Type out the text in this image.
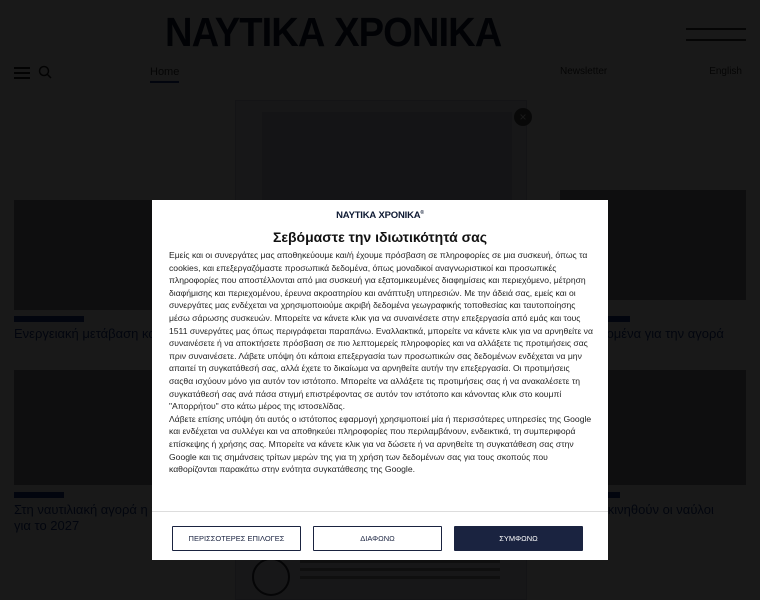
ΝΑΥΤΙΚΑ ΧΡΟΝΙΚΑ®
Σεβόμαστε την ιδιωτικότητά σας

Εμείς και οι συνεργάτες μας αποθηκεύουμε και/ή έχουμε πρόσβαση σε πληροφορίες σε μια συσκευή, όπως τα cookies, και επεξεργαζόμαστε προσωπικά δεδομένα, όπως μοναδικοί αναγνωριστικοί και προσωπικές πληροφορίες που αποστέλλονται από μια συσκευή για εξατομικευμένες διαφημίσεις και περιεχόμενο, μέτρηση διαφήμισης και περιεχομένου, έρευνα ακροατηρίου και ανάπτυξη υπηρεσιών. Με την άδειά σας, εμείς και οι συνεργάτες μας ενδέχεται να χρησιμοποιούμε ακριβή δεδομένα γεωγραφικής τοποθεσίας και ταυτοποίησης μέσω σάρωσης συσκευών. Μπορείτε να κάνετε κλικ για να συναινέσετε στην επεξεργασία από εμάς και τους 1511 συνεργάτες μας όπως περιγράφεται παραπάνω. Εναλλακτικά, μπορείτε να κάνετε κλικ για να αρνηθείτε να συναινέσετε ή να αποκτήσετε πρόσβαση σε πιο λεπτομερείς πληροφορίες και να αλλάξετε τις προτιμήσεις σας πριν συναινέσετε. Λάβετε υπόψη ότι κάποια επεξεργασία των προσωπικών σας δεδομένων ενδέχεται να μην απαιτεί τη συγκατάθεσή σας, αλλά έχετε το δικαίωμα να αρνηθείτε αυτήν την επεξεργασία. Οι προτιμήσεις σαςθα ισχύουν μόνο για αυτόν τον ιστότοπο. Μπορείτε να αλλάξετε τις προτιμήσεις σας ή να ανακαλέσετε τη συγκατάθεσή σας ανά πάσα στιγμή επιστρέφοντας σε αυτόν τον ιστότοπο και κάνοντας κλικ στο κουμπί "Απορρήτου" στο κάτω μέρος της ιστοσελίδας.

Λάβετε επίσης υπόψη ότι αυτός ο ιστότοπος εφαρμογή χρησιμοποιεί μία ή περισσότερες υπηρεσίες της Google και ενδέχεται να συλλέγει και να αποθηκεύει πληροφορίες που περιλαμβάνουν, ενδεικτικά, τη συμπεριφορά επίσκεψης ή χρήσης σας. Μπορείτε να κάνετε κλικ για να δώσετε ή να αρνηθείτε τη συγκατάθεση σας στην Google και τις σημάνσεις τρίτων μερών της για τη χρήση των δεδομένων σας για τους σκοπούς που καθορίζονται παρακάτω στην ενότητα συγκατάθεσης της Google.

ΠΕΡΙΣΣΟΤΕΡΕΣ ΕΠΙΛΟΓΕΣ	ΔΙΑΦΩΝΩ	ΣΥΜΦΩΝΩ
